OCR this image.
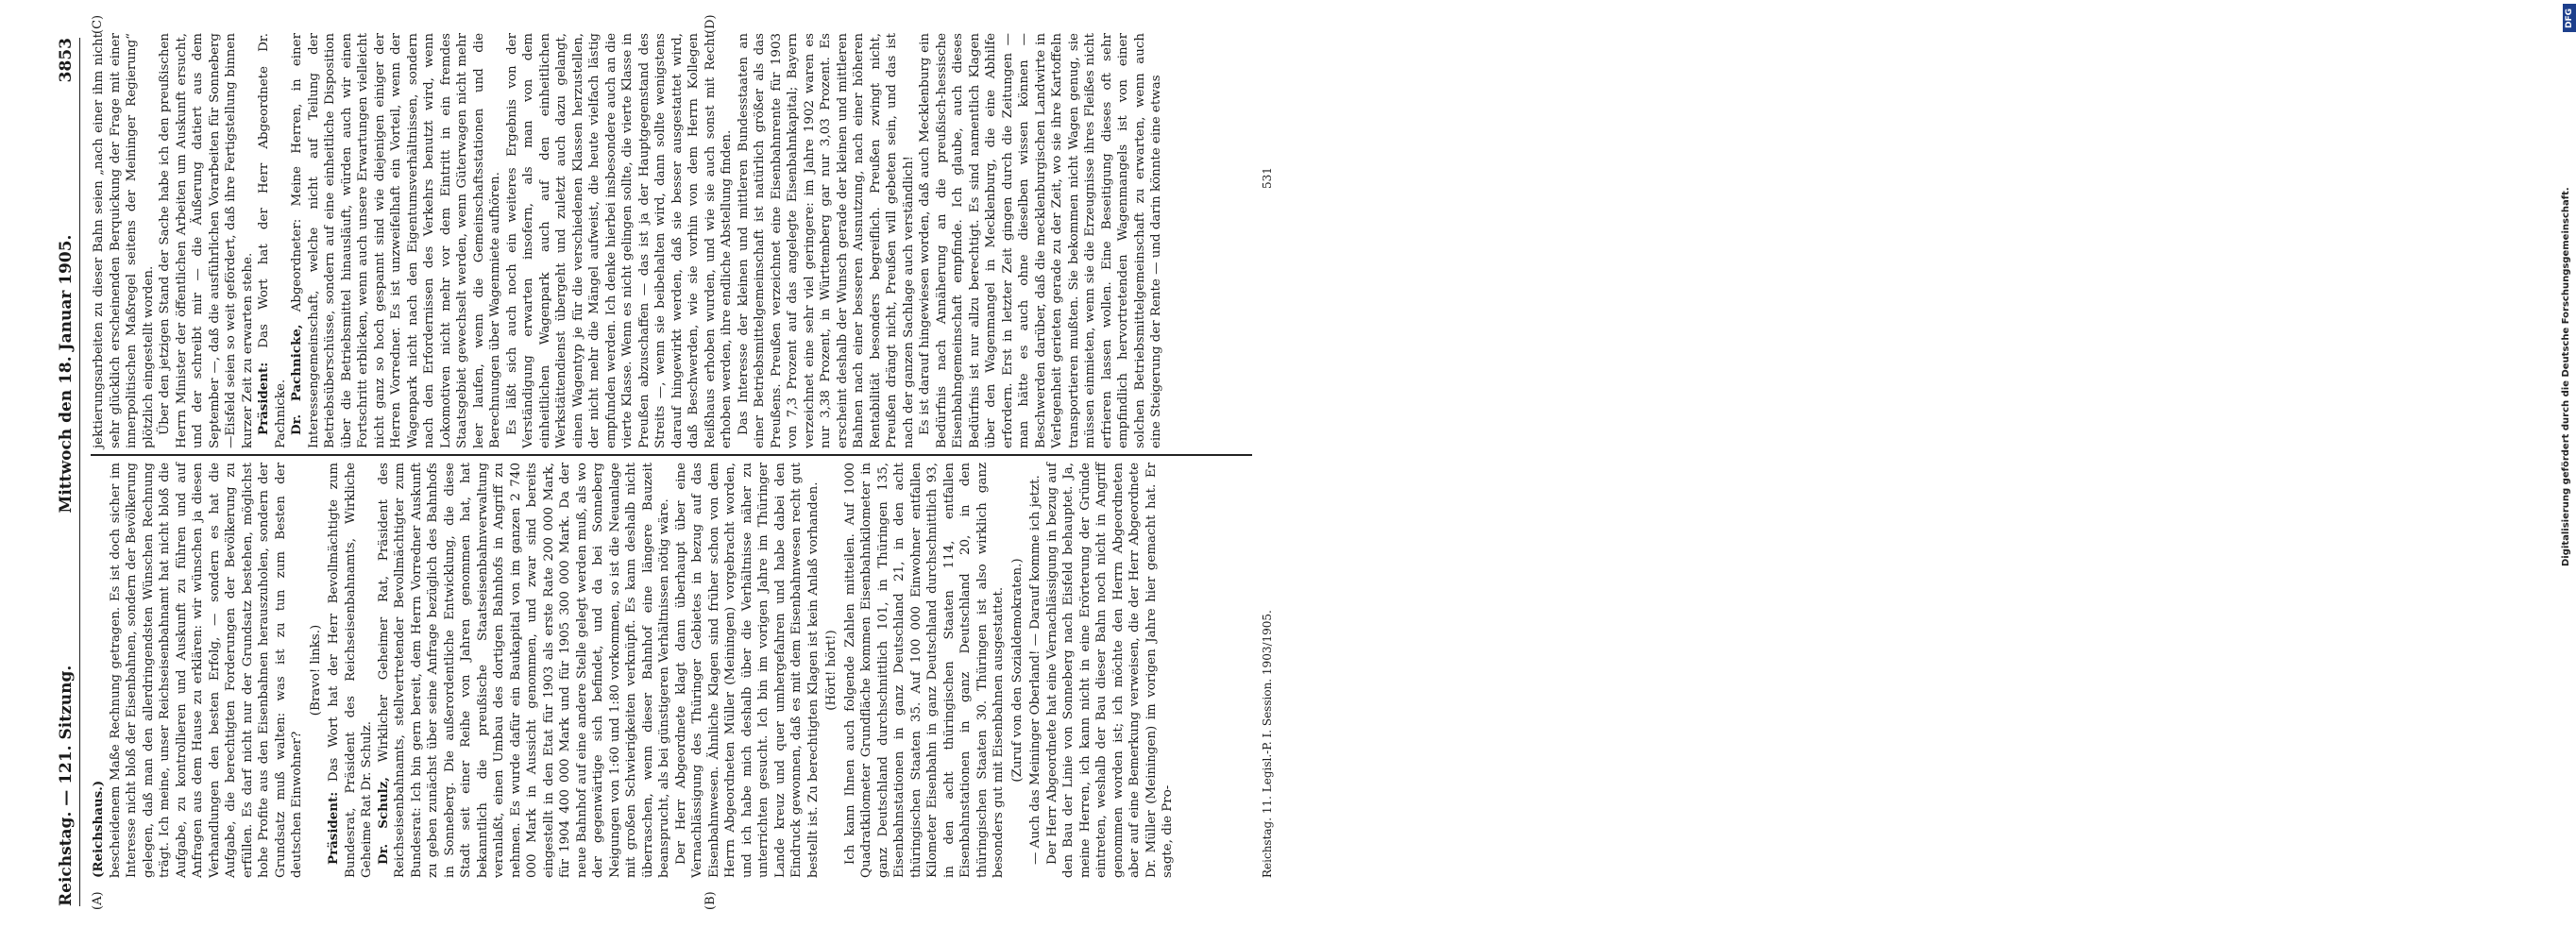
DFG
Digitalisierung gefördert durch die Deutsche Forschungsgemeinschaft.
Reichstag. — 121. Sitzung.
Mittwoch den 18. Januar 1905.
3853
(A)	(B)
(C)	(D)

(Reichshaus.) bescheidenem Maße Rechnung getragen. Es ist doch sicher im Interesse nicht bloß der Eisenbahnen, sondern der Bevölkerung gelegen, daß man den allerdringendsten Wünschen Rechnung trägt. Ich meine, unser Reichseisenbahnamt hat nicht bloß die Aufgabe, zu kontrollieren und Auskunft zu führen und auf Anfragen aus dem Hause zu erklären: wir wünschen ja diesen Verhandlungen den besten Erfolg, — sondern es hat die Aufgabe, die berechtigten Forderungen der Bevölkerung zu erfüllen. Es darf nicht nur der Grundsatz bestehen, möglichst hohe Profite aus den Eisenbahnen herauszuholen, sondern der Grundsatz muß walten: was ist zu tun zum Besten der deutschen Einwohner?

(Bravo! links.)

Präsident: Das Wort hat der Herr Bevollmächtigte zum Bundesrat, Präsident des Reichseisenbahnamts, Wirkliche Geheime Rat Dr. Schulz. Dr. Schulz, Wirklicher Geheimer Rat, Präsident des Reichseisenbahnamts, stellvertretender Bevollmächtigter zum Bundesrat: Ich bin gern bereit, dem Herrn Vorredner Auskunft zu geben zunächst über seine Anfrage bezüglich des Bahnhofs in Sonneberg. Die außerordentliche Entwicklung, die diese Stadt seit einer Reihe von Jahren genommen hat, hat bekanntlich die preußische Staatseisenbahnverwaltung veranlaßt, einen Umbau des dortigen Bahnhofs in Angriff zu nehmen. Es wurde dafür ein Baukapital von im ganzen 2 740 000 Mark in Aussicht genommen, und zwar sind bereits eingestellt in den Etat für 1903 als erste Rate 200 000 Mark, für 1904 400 000 Mark und für 1905 300 000 Mark. Da der neue Bahnhof auf eine andere Stelle gelegt werden muß, als wo der gegenwärtige sich befindet, und da bei Sonneberg Neigungen von 1:60 und 1:80 vorkommen, so ist die Neuanlage mit großen Schwierigkeiten verknüpft. Es kann deshalb nicht überraschen, wenn dieser Bahnhof eine längere Bauzeit beansprucht, als bei günstigeren Verhältnissen nötig wäre. Der Herr Abgeordnete klagt dann überhaupt über eine Vernachlässigung des Thüringer Gebietes in bezug auf das Eisenbahnwesen. Ähnliche Klagen sind früher schon von dem Herrn Abgeordneten Müller (Meiningen) vorgebracht worden, und ich habe mich deshalb über die Verhältnisse näher zu unterrichten gesucht. Ich bin im vorigen Jahre im Thüringer Lande kreuz und quer umhergefahren und habe dabei den Eindruck gewonnen, daß es mit dem Eisenbahnwesen recht gut bestellt ist. Zu berechtigten Klagen ist kein Anlaß vorhanden. (Hört! hört!) Ich kann Ihnen auch folgende Zahlen mitteilen. Auf 1000 Quadratkilometer Grundfläche kommen Eisenbahnkilometer in ganz Deutschland durchschnittlich 101, in Thüringen 135, Eisenbahnstationen in ganz Deutschland 21, in den acht thüringischen Staaten 35. Auf 100 000 Einwohner entfallen Kilometer Eisenbahn in ganz Deutschland durchschnittlich 93, in den acht thüringischen Staaten 114, entfallen Eisenbahnstationen in ganz Deutschland 20, in den thüringischen Staaten 30. Thüringen ist also wirklich ganz besonders gut mit Eisenbahnen ausgestattet. (Zuruf von den Sozialdemokraten.) — Auch das Meininger Oberland! — Darauf komme ich jetzt. Der Herr Abgeordnete hat eine Vernachlässigung in bezug auf den Bau der Linie von Sonneberg nach Eisfeld behauptet. Ja, meine Herren, ich kann nicht in eine Erörterung der Gründe eintreten, weshalb der Bau dieser Bahn noch nicht in Angriff genommen worden ist; ich möchte den Herrn Abgeordneten aber auf eine Bemerkung verweisen, die der Herr Abgeordnete Dr. Müller (Meiningen) im vorigen Jahre hier gemacht hat. Er sagte, die Pro-

jektierungsarbeiten zu dieser Bahn seien „nach einer ihm nicht sehr glücklich erscheinenden Berquickung der Frage mit einer innerpolitischen Maßregel seitens der Meininger Regierung“ plötzlich eingestellt worden. Über den jetzigen Stand der Sache habe ich den preußischen Herrn Minister der öffentlichen Arbeiten um Auskunft ersucht, und der schreibt mir — die Äußerung datiert aus dem September —, daß die ausführlichen Vorarbeiten für Sonneberg—Eisfeld seien so weit gefördert, daß ihre Fertigstellung binnen kurzer Zeit zu erwarten stehe. Präsident: Das Wort hat der Herr Abgeordnete Dr. Pachnicke. Dr. Pachnicke, Abgeordneter: Meine Herren, in einer Interessengemeinschaft, welche nicht auf Teilung der Betriebsüberschüsse, sondern auf eine einheitliche Disposition über die Betriebsmittel hinausläuft, würden auch wir einen Fortschritt erblicken, wenn auch unsere Erwartungen vielleicht nicht ganz so hoch gespannt sind wie diejenigen einiger der Herren Vorredner. Es ist unzweifelhaft ein Vorteil, wenn der Wagenpark nicht nach den Eigentumsverhältnissen, sondern nach den Erfordernissen des Verkehrs benutzt wird, wenn Lokomotiven nicht mehr vor dem Eintritt in ein fremdes Staatsgebiet gewechselt werden, wenn Güterwagen nicht mehr leer laufen, wenn die Gemeinschaftsstationen und die Berechnungen über Wagenmiete aufhören. Es läßt sich auch noch ein weiteres Ergebnis von der Verständigung erwarten insofern, als man von dem einheitlichen Wagenpark auch auf den einheitlichen Werkstättendienst übergeht und zuletzt auch dazu gelangt, einen Wagentyp je für die verschiedenen Klassen herzustellen, der nicht mehr die Mängel aufweist, die heute vielfach lästig empfunden werden. Ich denke hierbei insbesondere auch an die vierte Klasse. Wenn es nicht gelingen sollte, die vierte Klasse in Preußen abzuschaffen — das ist ja der Hauptgegenstand des Streits —, wenn sie beibehalten wird, dann sollte wenigstens darauf hingewirkt werden, daß sie besser ausgestattet wird, daß Beschwerden, wie sie vorhin von dem Herrn Kollegen Reißhaus erhoben wurden, und wie sie auch sonst mit Recht erhoben werden, ihre endliche Abstellung finden. Das Interesse der kleinen und mittleren Bundesstaaten an einer Betriebsmittelgemeinschaft ist natürlich größer als das Preußens. Preußen verzeichnet eine Eisenbahnrente für 1903 von 7,3 Prozent auf das angelegte Eisenbahnkapital; Bayern verzeichnet eine sehr viel geringere: im Jahre 1902 waren es nur 3,38 Prozent, in Württemberg gar nur 3,03 Prozent. Es erscheint deshalb der Wunsch gerade der kleinen und mittleren Bahnen nach einer besseren Ausnutzung, nach einer höheren Rentabilität besonders begreiflich. Preußen zwingt nicht, Preußen drängt nicht, Preußen will gebeten sein, und das ist nach der ganzen Sachlage auch verständlich! Es ist darauf hingewiesen worden, daß auch Mecklenburg ein Bedürfnis nach Annäherung an die preußisch-hessische Eisenbahngemeinschaft empfinde. Ich glaube, auch dieses Bedürfnis ist nur allzu berechtigt. Es sind namentlich Klagen über den Wagenmangel in Mecklenburg, die eine Abhilfe erfordern. Erst in letzter Zeit gingen durch die Zeitungen — man hätte es auch ohne dieselben wissen können — Beschwerden darüber, daß die mecklenburgischen Landwirte in Verlegenheit gerieten gerade zu der Zeit, wo sie ihre Kartoffeln transportieren mußten. Sie bekommen nicht Wagen genug, sie müssen einmieten, wenn sie die Erzeugnisse ihres Fleißes nicht erfrieren lassen wollen. Eine Beseitigung dieses oft sehr empfindlich hervortretenden Wagenmangels ist von einer solchen Betriebsmittelgemeinschaft zu erwarten, wenn auch eine Steigerung der Rente — und darin könnte eine etwas

Reichstag. 11. Legisl.-P. I. Session. 1903/1905.
531
